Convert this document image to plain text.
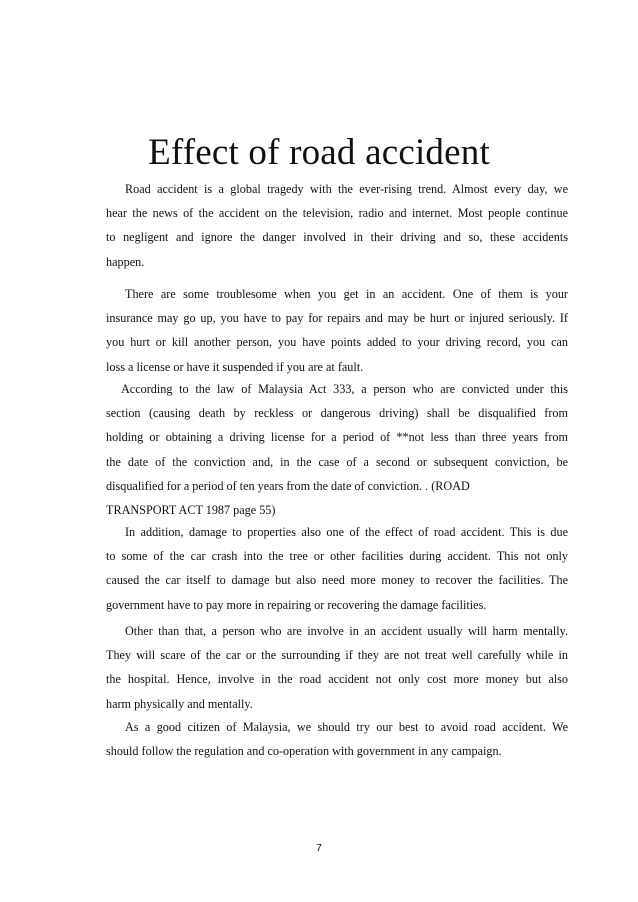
Effect of road accident

Road accident is a global tragedy with the ever-rising trend. Almost every day, we
hear the news of the accident on the television, radio and internet. Most people continue
to negligent and ignore the danger involved in their driving and so, these accidents
happen.

There are some troublesome when you get in an accident. One of them is your
insurance may go up, you have to pay for repairs and may be hurt or injured seriously. If
you hurt or kill another person, you have points added to your driving record, you can
loss a license or have it suspended if you are at fault.

According to the law of Malaysia Act 333, a person who are convicted under this
section (causing death by reckless or dangerous driving) shall be disqualified from
holding or obtaining a driving license for a period of **not less than three years from
the date of the conviction and, in the case of a second or subsequent conviction, be
disqualified for a period of ten years from the date of conviction. . (ROAD
TRANSPORT ACT 1987 page 55)

In addition, damage to properties also one of the effect of road accident. This is due
to some of the car crash into the tree or other facilities during accident. This not only
caused the car itself to damage but also need more money to recover the facilities. The
government have to pay more in repairing or recovering the damage facilities.

Other than that, a person who are involve in an accident usually will harm mentally.
They will scare of the car or the surrounding if they are not treat well carefully while in
the hospital. Hence, involve in the road accident not only cost more money but also
harm physically and mentally.

As a good citizen of Malaysia, we should try our best to avoid road accident. We
should follow the regulation and co-operation with government in any campaign.

7
